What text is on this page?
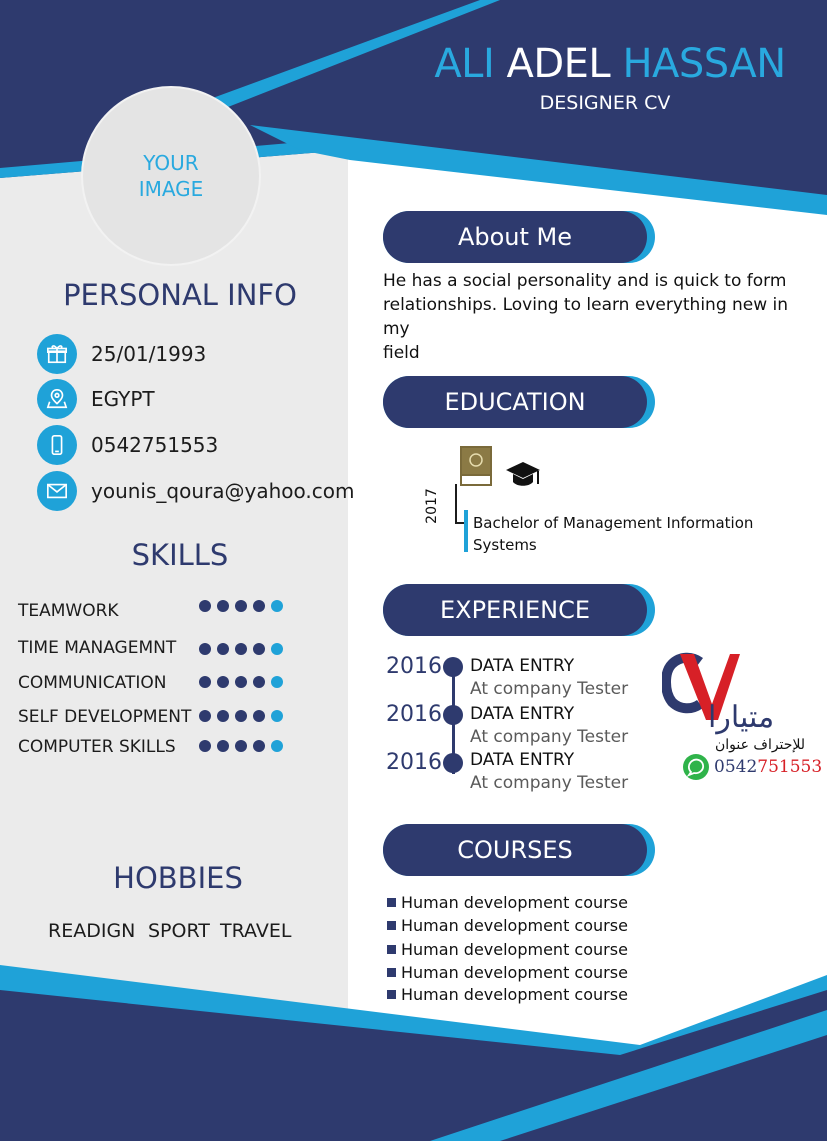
ALI ADEL HASSAN
DESIGNER CV
YOUR
IMAGE
PERSONAL INFO
25/01/1993
EGYPT
0542751553
younis_qoura@yahoo.com
SKILLS
TEAMWORK
TIME MANAGEMNT
COMMUNICATION
SELF DEVELOPMENT
COMPUTER SKILLS
HOBBIES
READIGN SPORT TRAVEL
About Me
He has a social personality and is quick to form
relationships. Loving to learn everything new in my
field
EDUCATION
2017	Bachelor of Management Information
Systems
EXPERIENCE
2016 DATA ENTRY
At company Tester
2016 DATA ENTRY
At company Tester
2016 DATA ENTRY
At company Tester
متيارا
للإحتراف عنوان
0542751553
COURSES
Human development course
Human development course
Human development course
Human development course
Human development course
